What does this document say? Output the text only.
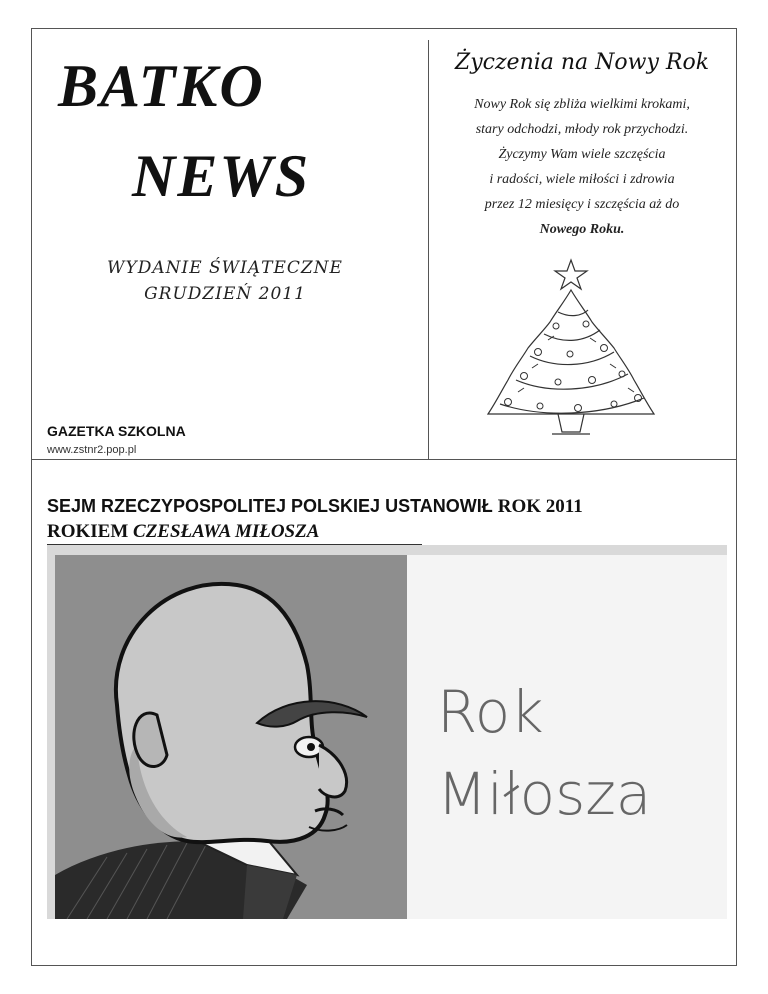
BATKO
NEWS
WYDANIE ŚWIĄTECZNE
GRUDZIEŃ 2011
GAZETKA SZKOLNA
www.zstnr2.pop.pl
Życzenia na Nowy Rok
Nowy Rok się zbliża wielkimi krokami,
stary odchodzi, młody rok przychodzi.
Życzymy Wam wiele szczęścia
i radości, wiele miłości i zdrowia
przez 12 miesięcy i szczęścia aż do
Nowego Roku.
SEJM RZECZYPOSPOLITEJ POLSKIEJ USTANOWIŁ ROK 2011
ROKIEM CZESŁAWA MIŁOSZA
Rok
Miłosza
